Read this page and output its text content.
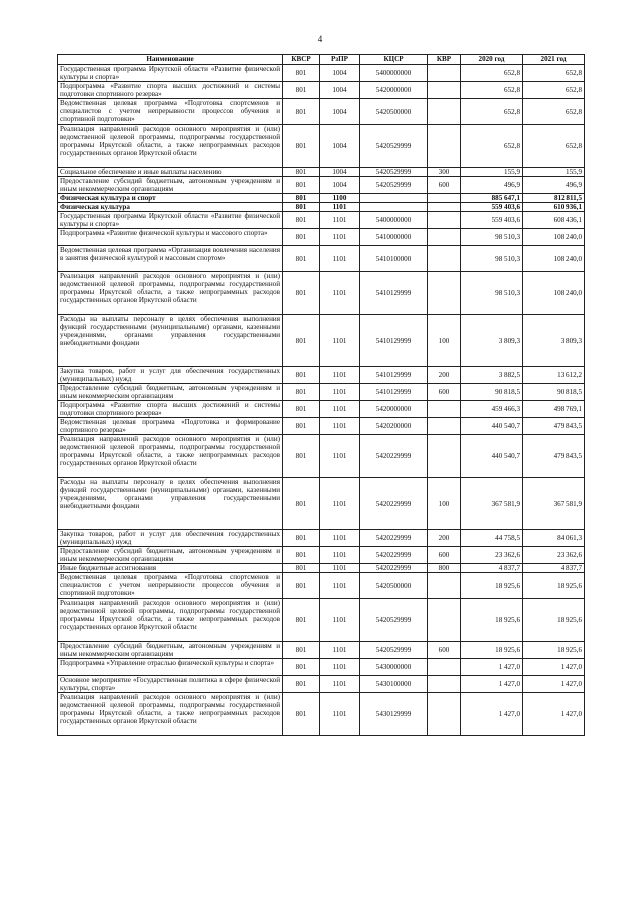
4
Наименование	КВСР	РзПР	КЦСР	КВР	2020 год	2021 год
Государственная программа Иркутской области «Развитие физической культуры и спорта»	801	1004	5400000000		652,8	652,8
Подпрограмма «Развитие спорта высших достижений и системы подготовки спортивного резерва»	801	1004	5420000000		652,8	652,8
Ведомственная целевая программа «Подготовка спортсменов и специалистов с учетом непрерывности процессов обучения и спортивной подготовки»	801	1004	5420500000		652,8	652,8
Реализация направлений расходов основного мероприятия и (или) ведомственной целевой программы, подпрограммы государственной программы Иркутской области, а также непрограммных расходов государственных органов Иркутской области	801	1004	5420529999		652,8	652,8
Социальное обеспечение и иные выплаты населению	801	1004	5420529999	300	155,9	155,9
Предоставление субсидий бюджетным, автономным учреждениям и иным некоммерческим организациям	801	1004	5420529999	600	496,9	496,9
Физическая культура и спорт	801	1100			885 647,1	812 811,5
Физическая культура	801	1101			559 403,6	610 936,1
Государственная программа Иркутской области «Развитие физической культуры и спорта»	801	1101	5400000000		559 403,6	608 436,1
Подпрограмма «Развитие физической культуры и массового спорта»	801	1101	5410000000		98 510,3	108 240,0
Ведомственная целевая программа «Организация вовлечения населения в занятия физической культурой и массовым спортом»	801	1101	5410100000		98 510,3	108 240,0
Реализация направлений расходов основного мероприятия и (или) ведомственной целевой программы, подпрограммы государственной программы Иркутской области, а также непрограммных расходов государственных органов Иркутской области	801	1101	5410129999		98 510,3	108 240,0
Расходы на выплаты персоналу в целях обеспечения выполнения функций государственными (муниципальными) органами, казенными учреждениями, органами управления государственными внебюджетными фондами	801	1101	5410129999	100	3 809,3	3 809,3
Закупка товаров, работ и услуг для обеспечения государственных (муниципальных) нужд	801	1101	5410129999	200	3 882,5	13 612,2
Предоставление субсидий бюджетным, автономным учреждениям и иным некоммерческим организациям	801	1101	5410129999	600	90 818,5	90 818,5
Подпрограмма «Развитие спорта высших достижений и системы подготовки спортивного резерва»	801	1101	5420000000		459 466,3	498 769,1
Ведомственная целевая программа «Подготовка и формирование спортивного резерва»	801	1101	5420200000		440 540,7	479 843,5
Реализация направлений расходов основного мероприятия и (или) ведомственной целевой программы, подпрограммы государственной программы Иркутской области, а также непрограммных расходов государственных органов Иркутской области	801	1101	5420229999		440 540,7	479 843,5
Расходы на выплаты персоналу в целях обеспечения выполнения функций государственными (муниципальными) органами, казенными учреждениями, органами управления государственными внебюджетными фондами	801	1101	5420229999	100	367 581,9	367 581,9
Закупка товаров, работ и услуг для обеспечения государственных (муниципальных) нужд	801	1101	5420229999	200	44 758,5	84 061,3
Предоставление субсидий бюджетным, автономным учреждениям и иным некоммерческим организациям	801	1101	5420229999	600	23 362,6	23 362,6
Иные бюджетные ассигнования	801	1101	5420229999	800	4 837,7	4 837,7
Ведомственная целевая программа «Подготовка спортсменов и специалистов с учетом непрерывности процессов обучения и спортивной подготовки»	801	1101	5420500000		18 925,6	18 925,6
Реализация направлений расходов основного мероприятия и (или) ведомственной целевой программы, подпрограммы государственной программы Иркутской области, а также непрограммных расходов государственных органов Иркутской области	801	1101	5420529999		18 925,6	18 925,6
Предоставление субсидий бюджетным, автономным учреждениям и иным некоммерческим организациям	801	1101	5420529999	600	18 925,6	18 925,6
Подпрограмма «Управление отраслью физической культуры и спорта»	801	1101	5430000000		1 427,0	1 427,0
Основное мероприятие «Государственная политика в сфере физической культуры, спорта»	801	1101	5430100000		1 427,0	1 427,0
Реализация направлений расходов основного мероприятия и (или) ведомственной целевой программы, подпрограммы государственной программы Иркутской области, а также непрограммных расходов государственных органов Иркутской области	801	1101	5430129999		1 427,0	1 427,0
